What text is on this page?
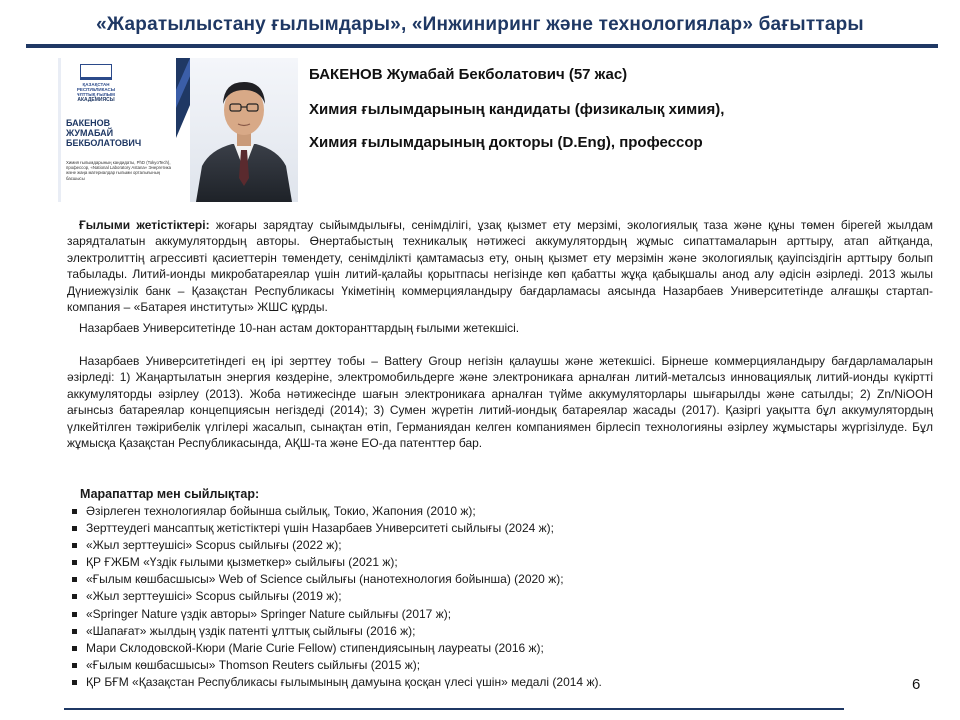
«Жаратылыстану ғылымдары», «Инжиниринг және технологиялар» бағыттары
ҚАЗАҚСТАН
РЕСПУБЛИКАСЫ
ҰЛТТЫҚ ҒЫЛЫМ
АКАДЕМИЯСЫ
БАКЕНОВ
ЖУМАБАЙ
БЕКБОЛАТОВИЧ
Химия ғылымдарының кандидаты, PhD (TokyoTech), профессор, «National Laboratory Astana» Энергетика және жаңа материалдар ғылыми орталығының басшысы
БАКЕНОВ Жумабай Бекболатович (57 жас)
Химия ғылымдарының кандидаты (физикалық химия),
Химия ғылымдарының докторы (D.Eng), профессор
Ғылыми жетістіктері: жоғары зарядтау сыйымдылығы, сенімділігі, ұзақ қызмет ету мерзімі, экологиялық таза және құны төмен бірегей жылдам зарядталатын аккумулятордың авторы. Өнертабыстың техникалық нәтижесі аккумулятордың жұмыс сипаттамаларын арттыру, атап айтқанда, электролиттің агрессивті қасиеттерін төмендету, сенімділікті қамтамасыз ету, оның қызмет ету мерзімін және экологиялық қауіпсіздігін арттыру болып табылады. Литий-ионды микробатареялар үшін литий-қалайы қорытпасы негізінде көп қабатты жұқа қабықшалы анод алу әдісін әзірледі. 2013 жылы Дүниежүзілік банк – Қазақстан Республикасы Үкіметінің коммерцияландыру бағдарламасы аясында Назарбаев Университетінде алғашқы стартап-компания – «Батарея институты» ЖШС құрды.
Назарбаев Университетінде 10-нан астам докторанттардың ғылыми жетекшісі.
Назарбаев Университетіндегі ең ірі зерттеу тобы – Battery Group негізін қалаушы және жетекшісі. Бірнеше коммерцияландыру бағдарламаларын әзірледі: 1) Жаңартылатын энергия көздеріне, электромобильдерге және электроникаға арналған литий-металсыз инновациялық литий-ионды күкіртті аккумуляторды әзірлеу (2013). Жоба нәтижесінде шағын электроникаға арналған түйме аккумуляторлары шығарылды және сатылды; 2) Zn/NiOOH ағынсыз батареялар концепциясын негіздеді (2014); 3) Сумен жүретін литий-иондық батареялар жасады (2017). Қазіргі уақытта бұл аккумулятордың үлкейтілген тәжірибелік үлгілері жасалып, сынақтан өтіп, Германиядан келген компаниямен бірлесіп технологияны әзірлеу жұмыстары жүргізілуде. Бұл жұмысқа Қазақстан Республикасында, АҚШ-та және ЕО-да патенттер бар.
Марапаттар мен сыйлықтар:
Әзірлеген технологиялар бойынша сыйлық, Токио, Жапония (2010 ж);
Зерттеудегі мансаптық жетістіктері үшін Назарбаев Университеті сыйлығы (2024 ж);
«Жыл зерттеушісі» Scopus сыйлығы (2022 ж);
ҚР ҒЖБМ «Үздік ғылыми қызметкер» сыйлығы (2021 ж);
«Ғылым көшбасшысы» Web of Science сыйлығы (нанотехнология бойынша) (2020 ж);
«Жыл зерттеушісі» Scopus сыйлығы (2019 ж);
«Springer Nature үздік авторы» Springer Nature сыйлығы (2017 ж);
«Шапағат» жылдың үздік патенті ұлттық сыйлығы (2016 ж);
Мари Склодовской-Кюри (Marie Curie Fellow) стипендиясының лауреаты (2016 ж);
«Ғылым көшбасшысы» Thomson Reuters сыйлығы (2015 ж);
ҚР БҒМ «Қазақстан Республикасы ғылымының дамуына қосқан үлесі үшін» медалі (2014 ж).	6
